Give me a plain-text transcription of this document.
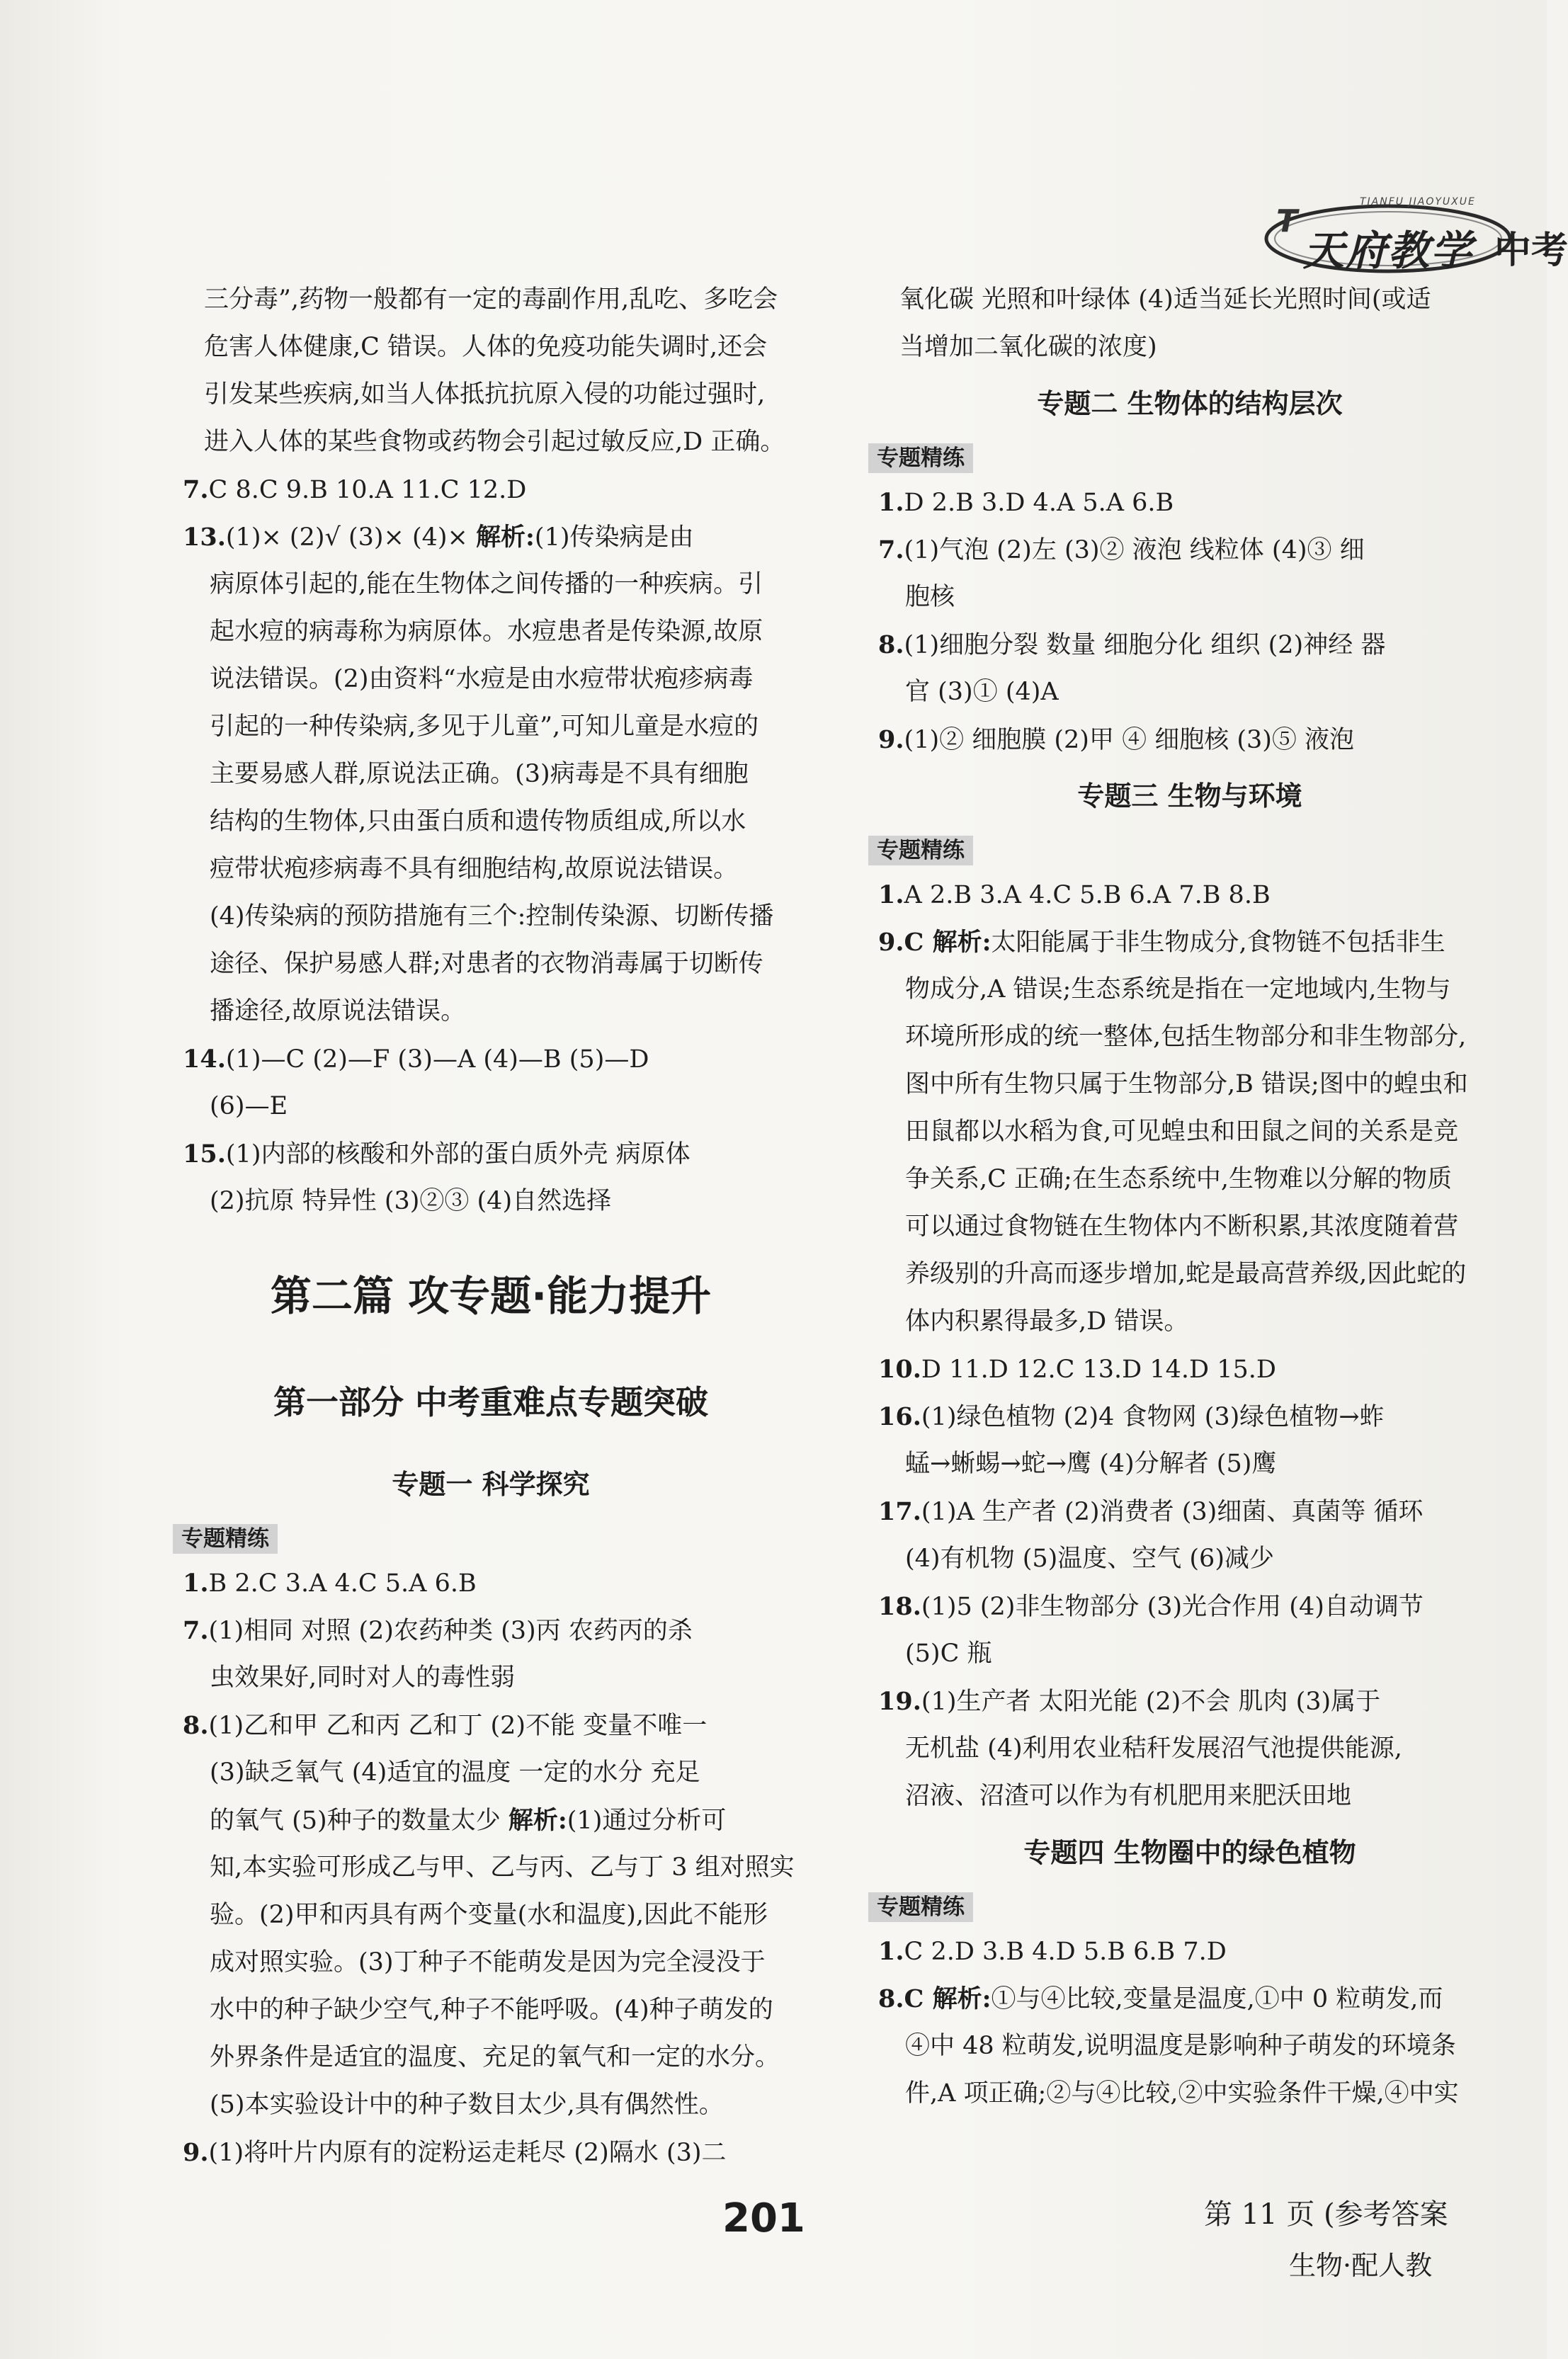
T
TIANFU JIAOYUXUE
天府教学 中考
三分毒”,药物一般都有一定的毒副作用,乱吃、多吃会
危害人体健康,C 错误。人体的免疫功能失调时,还会
引发某些疾病,如当人体抵抗抗原入侵的功能过强时,
进入人体的某些食物或药物会引起过敏反应,D 正确。
7.C 8.C 9.B 10.A 11.C 12.D
13.(1)× (2)√ (3)× (4)× 解析:(1)传染病是由
病原体引起的,能在生物体之间传播的一种疾病。引
起水痘的病毒称为病原体。水痘患者是传染源,故原
说法错误。(2)由资料“水痘是由水痘带状疱疹病毒
引起的一种传染病,多见于儿童”,可知儿童是水痘的
主要易感人群,原说法正确。(3)病毒是不具有细胞
结构的生物体,只由蛋白质和遗传物质组成,所以水
痘带状疱疹病毒不具有细胞结构,故原说法错误。
(4)传染病的预防措施有三个:控制传染源、切断传播
途径、保护易感人群;对患者的衣物消毒属于切断传
播途径,故原说法错误。
14.(1)—C (2)—F (3)—A (4)—B (5)—D
(6)—E
15.(1)内部的核酸和外部的蛋白质外壳 病原体
(2)抗原 特异性 (3)②③ (4)自然选择
第二篇 攻专题·能力提升
第一部分 中考重难点专题突破
专题一 科学探究
专题精练
1.B 2.C 3.A 4.C 5.A 6.B
7.(1)相同 对照 (2)农药种类 (3)丙 农药丙的杀
虫效果好,同时对人的毒性弱
8.(1)乙和甲 乙和丙 乙和丁 (2)不能 变量不唯一
(3)缺乏氧气 (4)适宜的温度 一定的水分 充足
的氧气 (5)种子的数量太少 解析:(1)通过分析可
知,本实验可形成乙与甲、乙与丙、乙与丁 3 组对照实
验。(2)甲和丙具有两个变量(水和温度),因此不能形
成对照实验。(3)丁种子不能萌发是因为完全浸没于
水中的种子缺少空气,种子不能呼吸。(4)种子萌发的
外界条件是适宜的温度、充足的氧气和一定的水分。
(5)本实验设计中的种子数目太少,具有偶然性。
9.(1)将叶片内原有的淀粉运走耗尽 (2)隔水 (3)二
氧化碳 光照和叶绿体 (4)适当延长光照时间(或适
当增加二氧化碳的浓度)
专题二 生物体的结构层次
专题精练
1.D 2.B 3.D 4.A 5.A 6.B
7.(1)气泡 (2)左 (3)② 液泡 线粒体 (4)③ 细
胞核
8.(1)细胞分裂 数量 细胞分化 组织 (2)神经 器
官 (3)① (4)A
9.(1)② 细胞膜 (2)甲 ④ 细胞核 (3)⑤ 液泡
专题三 生物与环境
专题精练
1.A 2.B 3.A 4.C 5.B 6.A 7.B 8.B
9.C 解析:太阳能属于非生物成分,食物链不包括非生
物成分,A 错误;生态系统是指在一定地域内,生物与
环境所形成的统一整体,包括生物部分和非生物部分,
图中所有生物只属于生物部分,B 错误;图中的蝗虫和
田鼠都以水稻为食,可见蝗虫和田鼠之间的关系是竞
争关系,C 正确;在生态系统中,生物难以分解的物质
可以通过食物链在生物体内不断积累,其浓度随着营
养级别的升高而逐步增加,蛇是最高营养级,因此蛇的
体内积累得最多,D 错误。
10.D 11.D 12.C 13.D 14.D 15.D
16.(1)绿色植物 (2)4 食物网 (3)绿色植物→蚱
蜢→蜥蜴→蛇→鹰 (4)分解者 (5)鹰
17.(1)A 生产者 (2)消费者 (3)细菌、真菌等 循环
(4)有机物 (5)温度、空气 (6)减少
18.(1)5 (2)非生物部分 (3)光合作用 (4)自动调节
(5)C 瓶
19.(1)生产者 太阳光能 (2)不会 肌肉 (3)属于
无机盐 (4)利用农业秸秆发展沼气池提供能源,
沼液、沼渣可以作为有机肥用来肥沃田地
专题四 生物圈中的绿色植物
专题精练
1.C 2.D 3.B 4.D 5.B 6.B 7.D
8.C 解析:①与④比较,变量是温度,①中 0 粒萌发,而
④中 48 粒萌发,说明温度是影响种子萌发的环境条
件,A 项正确;②与④比较,②中实验条件干燥,④中实
201	第 11 页 (参考答案
生物·配人教
